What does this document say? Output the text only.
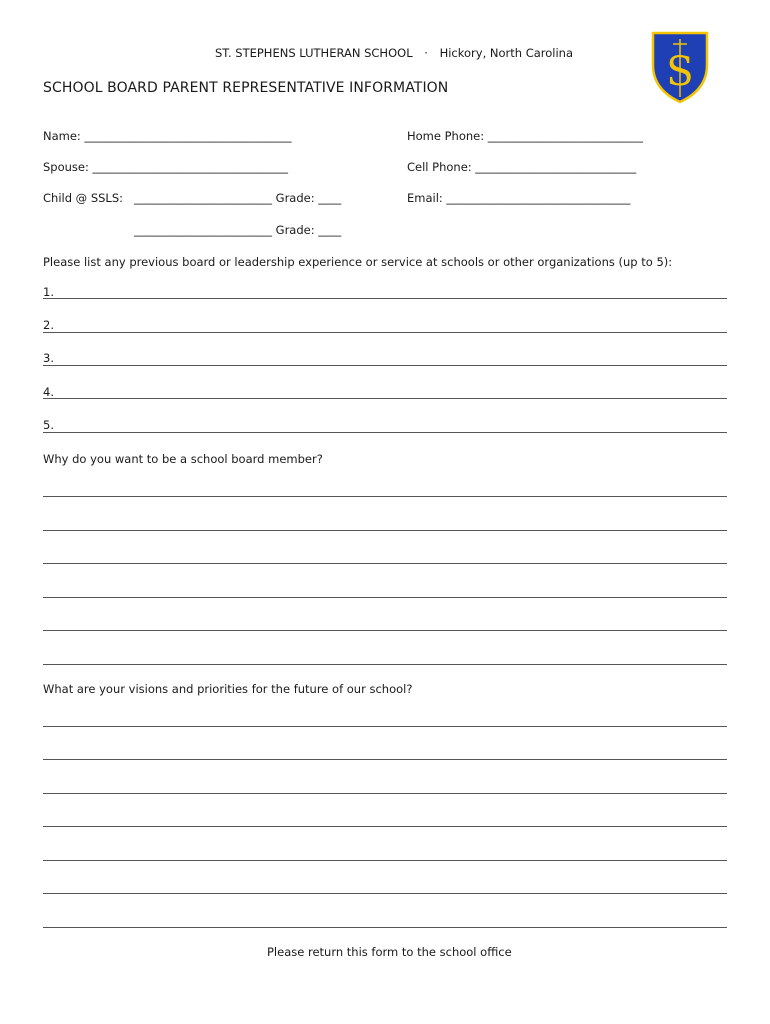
ST. STEPHENS LUTHERAN SCHOOL · Hickory, North Carolina S
SCHOOL BOARD PARENT REPRESENTATIVE INFORMATION
Name: ____________________________________	Home Phone: ___________________________
Spouse: __________________________________	Cell Phone: ____________________________
Child @ SSLS: ________________________ Grade: ____	Email: ________________________________
________________________ Grade: ____
Please list any previous board or leadership experience or service at schools or other organizations (up to 5):
1.
2.
3.
4.
5.
Why do you want to be a school board member?
What are your visions and priorities for the future of our school?
Please return this form to the school office
